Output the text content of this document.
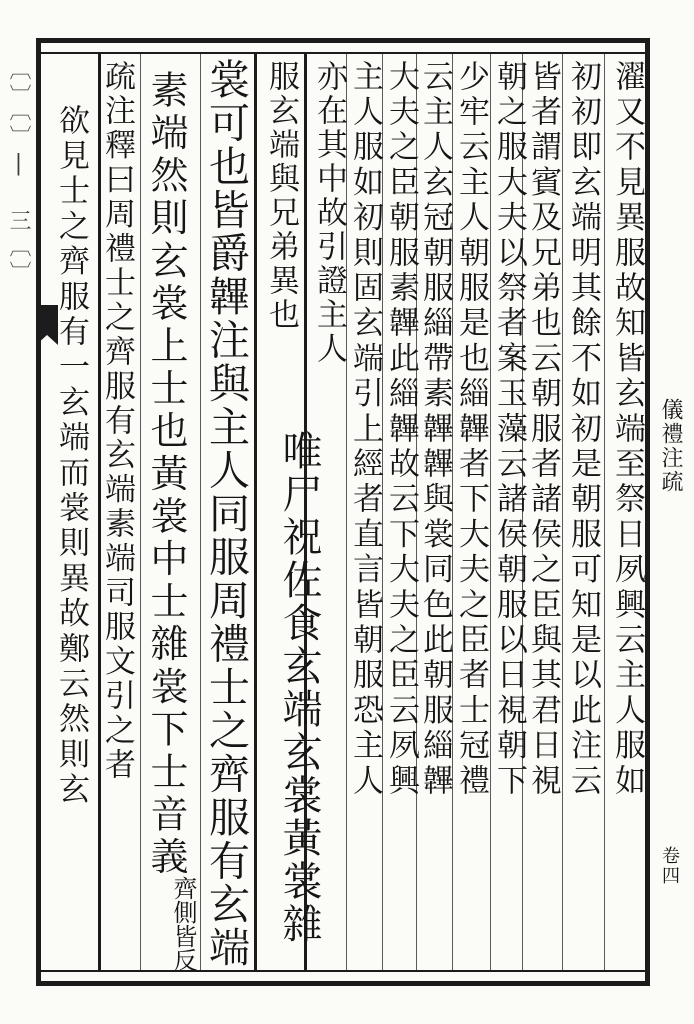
〔〕〔〕| 三〔〕	濯又不見異服故知皆玄端至祭日夙興云主人服如
初初即玄端明其餘不如初是朝服可知是以此注云
皆者謂賓及兄弟也云朝服者諸侯之臣與其君日視
朝之服大夫以祭者案玉藻云諸侯朝服以日視朝下
少牢云主人朝服是也緇韠者下大夫之臣者士冠禮
云主人玄冠朝服緇帶素韠韠與裳同色此朝服緇韠
大夫之臣朝服素韠此緇韠故云下大夫之臣云夙興
主人服如初則固玄端引上經者直言皆朝服恐主人
亦在其中故引證主人
唯尸祝佐食玄端玄裳黃裳雜
服玄端與兄弟異也
裳可也皆爵韠注與主人同服周禮士之齊服有玄端
素端然則玄裳上士也黃裳中士雜裳下士音義
齊側皆反
疏注釋曰周禮士之齊服有玄端素端司服文引之者
欲見士之齊服有一玄端而裳則異故鄭云然則玄	儀禮注疏
卷四
